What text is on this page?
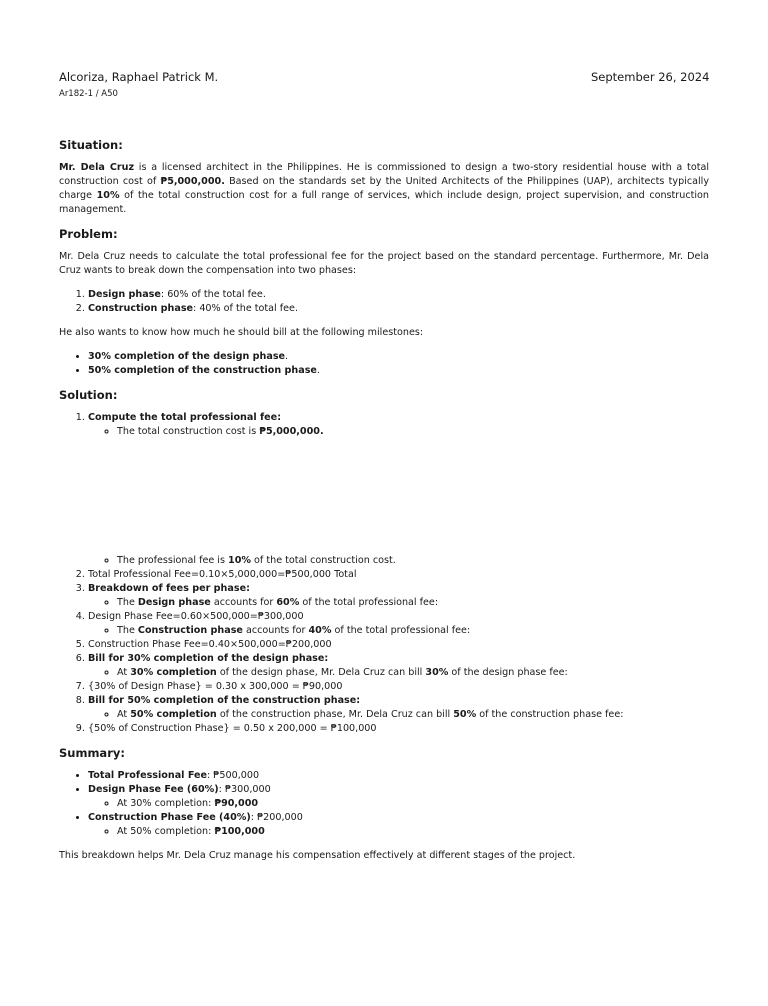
Alcoriza, Raphael Patrick M.	September 26, 2024
Ar182-1 / A50
Situation:

Mr. Dela Cruz is a licensed architect in the Philippines. He is commissioned to design a two-story residential house with a total construction cost of ₱5,000,000. Based on the standards set by the United Architects of the Philippines (UAP), architects typically charge 10% of the total construction cost for a full range of services, which include design, project supervision, and construction management.

Problem:

Mr. Dela Cruz needs to calculate the total professional fee for the project based on the standard percentage. Furthermore, Mr. Dela Cruz wants to break down the compensation into two phases:

1. Design phase: 60% of the total fee.
2. Construction phase: 40% of the total fee.

He also wants to know how much he should bill at the following milestones:

• 30% completion of the design phase.
• 50% completion of the construction phase.
Solution:
1. Compute the total professional fee:
◦ The total construction cost is ₱5,000,000.
◦ The professional fee is 10% of the total construction cost.
2. Total Professional Fee=0.10×5,000,000=₱500,000 Total
3. Breakdown of fees per phase:
◦ The Design phase accounts for 60% of the total professional fee:
4. Design Phase Fee=0.60×500,000=₱300,000
◦ The Construction phase accounts for 40% of the total professional fee:
5. Construction Phase Fee=0.40×500,000=₱200,000
6. Bill for 30% completion of the design phase:
◦ At 30% completion of the design phase, Mr. Dela Cruz can bill 30% of the design phase fee:
7. {30% of Design Phase} = 0.30 x 300,000 = ₱90,000
8. Bill for 50% completion of the construction phase:
◦ At 50% completion of the construction phase, Mr. Dela Cruz can bill 50% of the construction phase fee:
9. {50% of Construction Phase} = 0.50 x 200,000 = ₱100,000
Summary:
• Total Professional Fee: ₱500,000
• Design Phase Fee (60%): ₱300,000
◦ At 30% completion: ₱90,000
• Construction Phase Fee (40%): ₱200,000
◦ At 50% completion: ₱100,000

This breakdown helps Mr. Dela Cruz manage his compensation effectively at different stages of the project.
